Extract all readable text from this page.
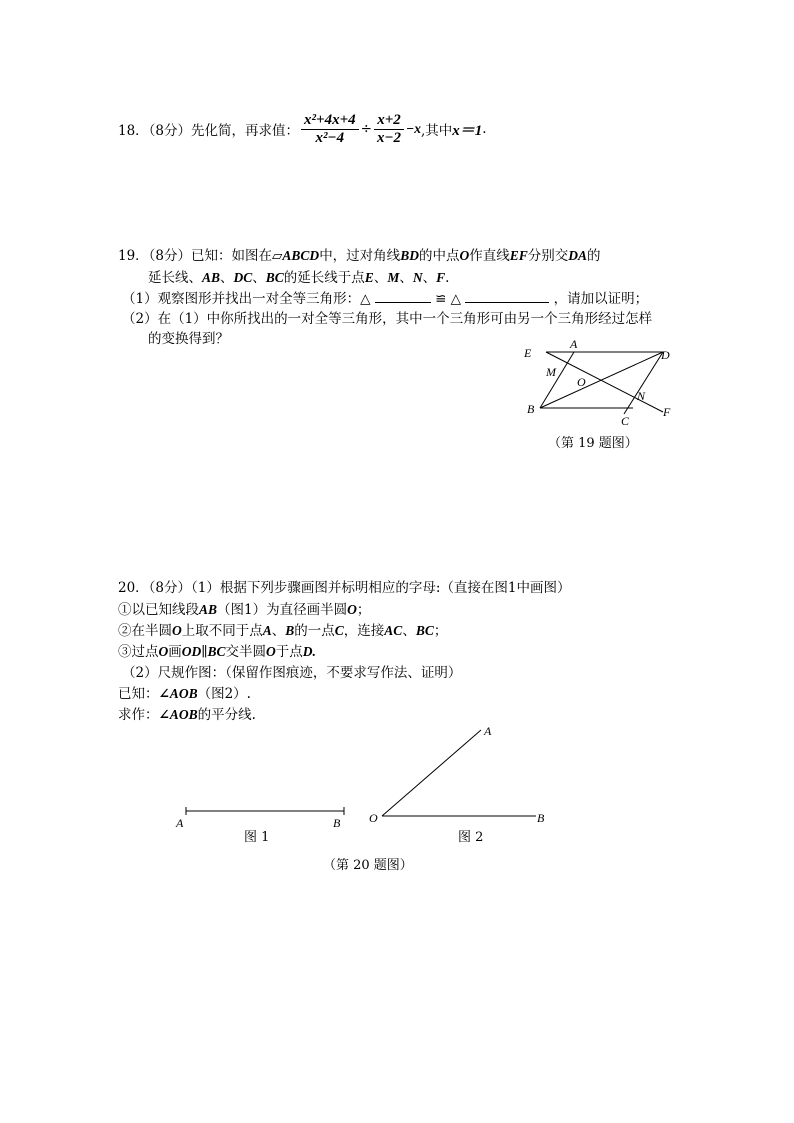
18．（8分）先化简，再求值： $\frac{\text{x²+4x+4}}{\text{x²−4}} \div \frac{x+2}{x-2} -x$ ,其中 x＝1 .
19．（8分）已知：如图在▱ABCD中，过对角线BD的中点O作直线EF分别交DA的
延长线、AB、DC、BC的延长线于点E、M、N、F.
（1）观察图形并找出一对全等三角形：△	≌ △	，请加以证明；
（2）在（1）中你所找出的一对全等三角形，其中一个三角形可由另一个三角形经过怎样
的变换得到？
E
A
D
M
O
N
B	F
C
（第 19 题图）
20．（8分）（1）根据下列步骤画图并标明相应的字母:（直接在图1中画图）
①以已知线段AB（图1）为直径画半圆O；
②在半圆O上取不同于点A、B的一点C，连接AC、BC；
③过点O画OD∥BC交半圆O于点D.
（2）尺规作图：（保留作图痕迹，不要求写作法、证明）
已知：∠AOB（图2）.
求作：∠AOB的平分线.
A	B O
A
B
图 1	图 2
（第 20 题图）
